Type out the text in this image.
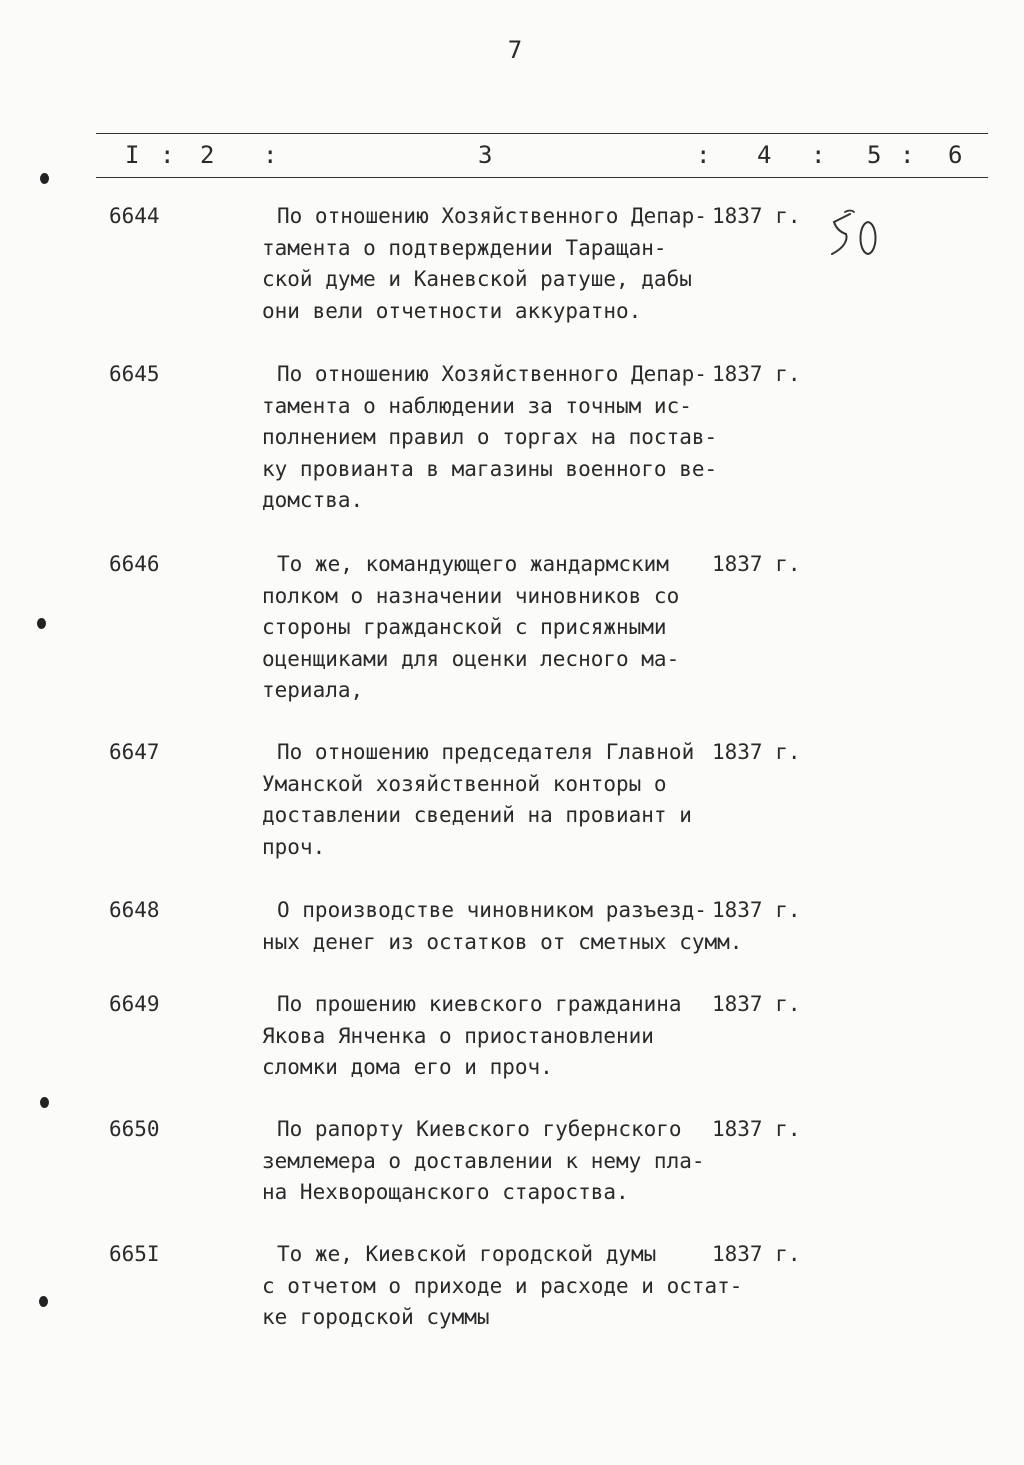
7
I : 2 :	3	: 4 : 5 : 6
6644	По отношению Хозяйственного Депар-
тамента о подтверждении Таращан-
ской думе и Каневской ратуше, дабы
они вели отчетности аккуратно.
1837 г.
6645	По отношению Хозяйственного Депар-
тамента о наблюдении за точным ис-
полнением правил о торгах на постав-
ку провианта в магазины военного ве-
домства.
1837 г.
6646	То же, командующего жандармским
полком о назначении чиновников со
стороны гражданской с присяжными
оценщиками для оценки лесного ма-
териала,
1837 г.
6647	По отношению председателя Главной
Уманской хозяйственной конторы о
доставлении сведений на провиант и
проч.
1837 г.
6648	О производстве чиновником разъезд-
ных денег из остатков от сметных сумм.
1837 г.
6649	По прошению киевского гражданина
Якова Янченка о приостановлении
сломки дома его и проч.
1837 г.
6650	По рапорту Киевского губернского
землемера о доставлении к нему пла-
на Нехворощанского староства.
1837 г.
665I	То же, Киевской городской думы
с отчетом о приходе и расходе и остат-
ке городской суммы
1837 г.
